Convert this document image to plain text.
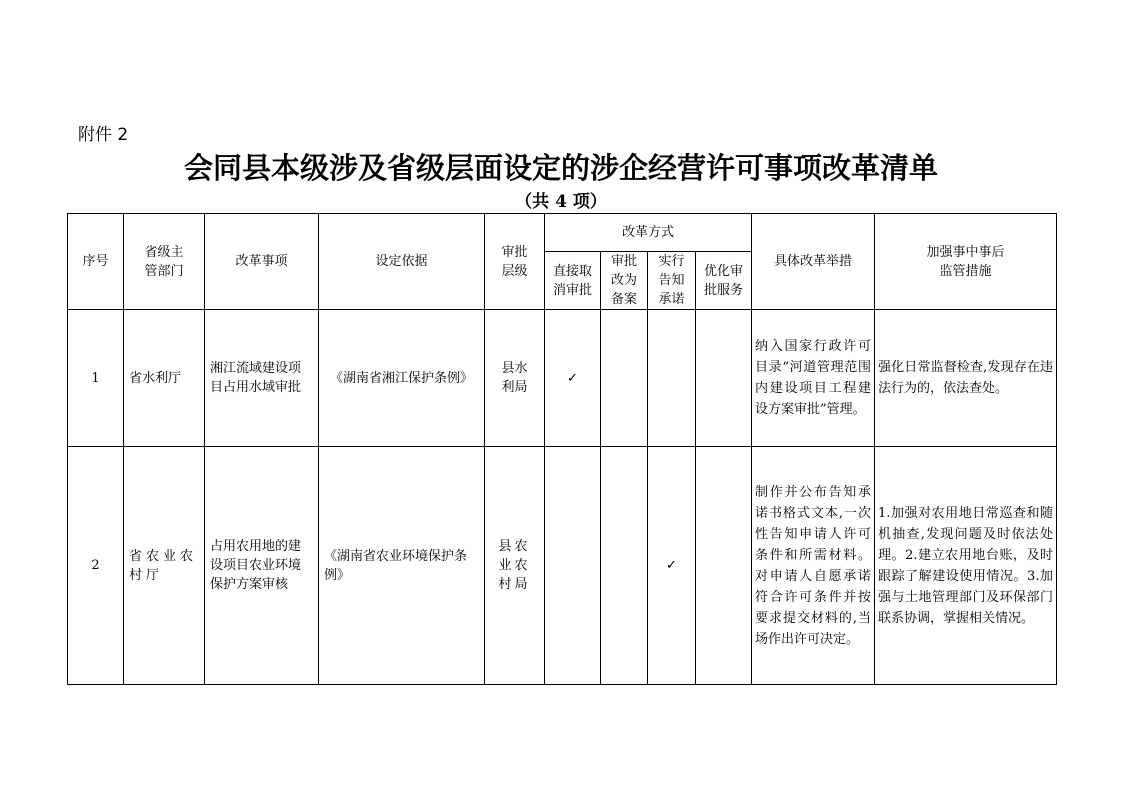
附件 2
会同县本级涉及省级层面设定的涉企经营许可事项改革清单
（共 4 项）
序号	省级主管部门	改革事项	设定依据	审批层级	改革方式				具体改革举措	加强事中事后监管措施

					直接取消审批	审批改为备案	实行告知承诺	优化审批服务		

1	省水利厅	湘江流域建设项目占用水域审批	《湖南省湘江保护条例》	县水利局	✓				纳入国家行政许可目录“河道管理范围内建设项目工程建设方案审批”管理。	强化日常监督检查,发现存在违法行为的，依法查处。
2	省农业农村厅	占用农用地的建设项目农业环境保护方案审核	《湖南省农业环境保护条例》	县农业农村局			✓		制作并公布告知承诺书格式文本,一次性告知申请人许可条件和所需材料。对申请人自愿承诺符合许可条件并按要求提交材料的,当场作出许可决定。	1.加强对农用地日常巡查和随机抽查,发现问题及时依法处理。2.建立农用地台账，及时跟踪了解建设使用情况。3.加强与土地管理部门及环保部门联系协调，掌握相关情况。
